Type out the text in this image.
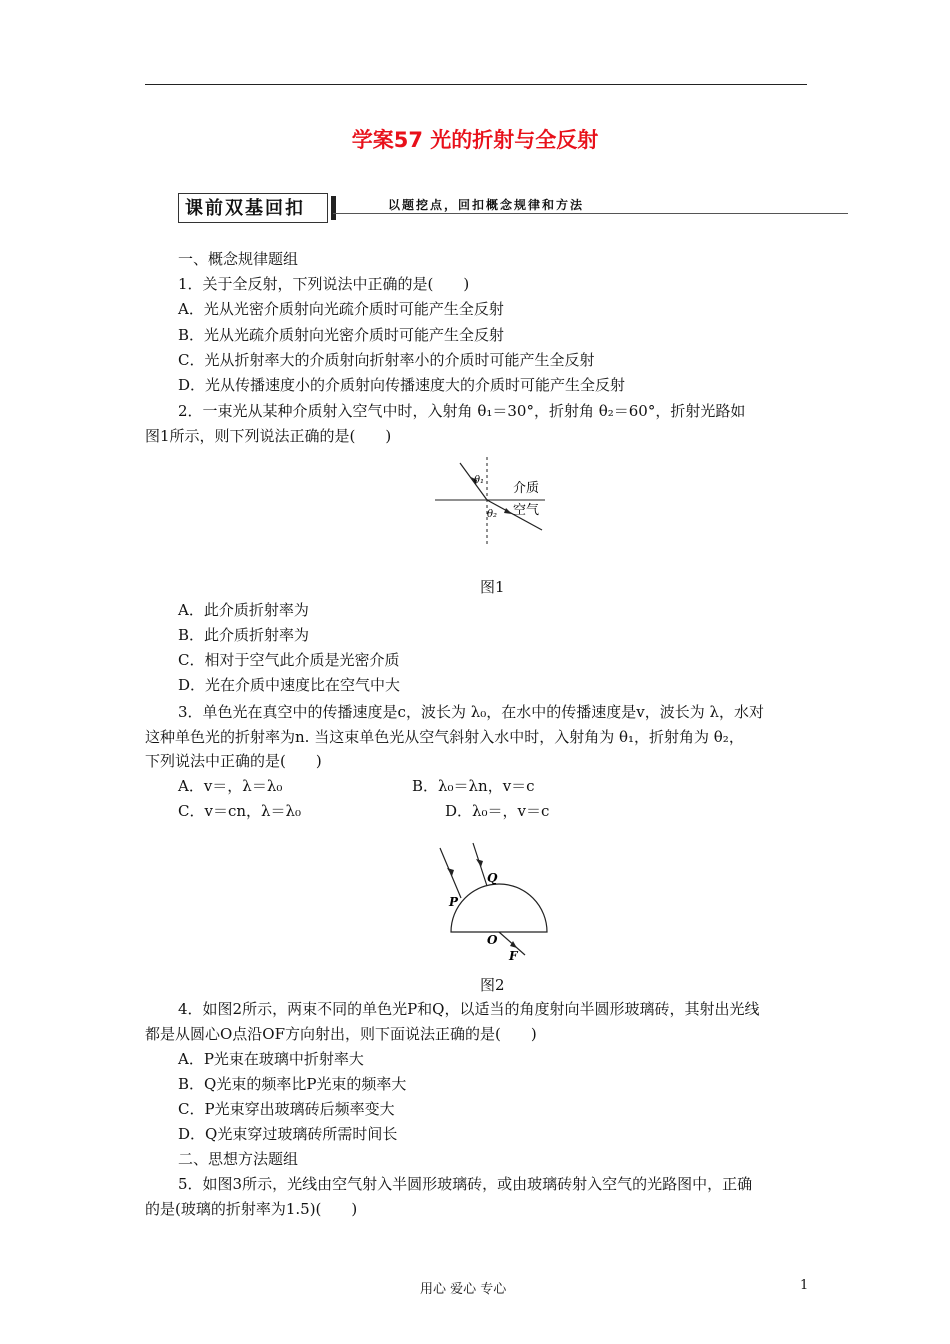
学案57 光的折射与全反射
课前双基回扣	以题挖点，回扣概念规律和方法
一、概念规律题组
1．关于全反射，下列说法中正确的是(　　)
A．光从光密介质射向光疏介质时可能产生全反射
B．光从光疏介质射向光密介质时可能产生全反射
C．光从折射率大的介质射向折射率小的介质时可能产生全反射
D．光从传播速度小的介质射向传播速度大的介质时可能产生全反射
2．一束光从某种介质射入空气中时，入射角 θ₁＝30°，折射角 θ₂＝60°，折射光路如
图1所示，则下列说法正确的是(　　)
θ₁
θ₂
介质
空气
图1
A．此介质折射率为
B．此介质折射率为
C．相对于空气此介质是光密介质
D．光在介质中速度比在空气中大
3．单色光在真空中的传播速度是c，波长为 λ₀，在水中的传播速度是v，波长为 λ，水对
这种单色光的折射率为n. 当这束单色光从空气斜射入水中时，入射角为 θ₁，折射角为 θ₂，
下列说法中正确的是(　　)
A．v＝，λ＝λ₀	B．λ₀＝λn，v＝c
C．v＝cn，λ＝λ₀	D．λ₀＝，v＝c
P
Q
O
F
图2
4．如图2所示，两束不同的单色光P和Q，以适当的角度射向半圆形玻璃砖，其射出光线
都是从圆心O点沿OF方向射出，则下面说法正确的是(　　)
A．P光束在玻璃中折射率大
B．Q光束的频率比P光束的频率大
C．P光束穿出玻璃砖后频率变大
D．Q光束穿过玻璃砖所需时间长
二、思想方法题组
5．如图3所示，光线由空气射入半圆形玻璃砖，或由玻璃砖射入空气的光路图中，正确
的是(玻璃的折射率为1.5)(　　)
用心 爱心 专心	1
